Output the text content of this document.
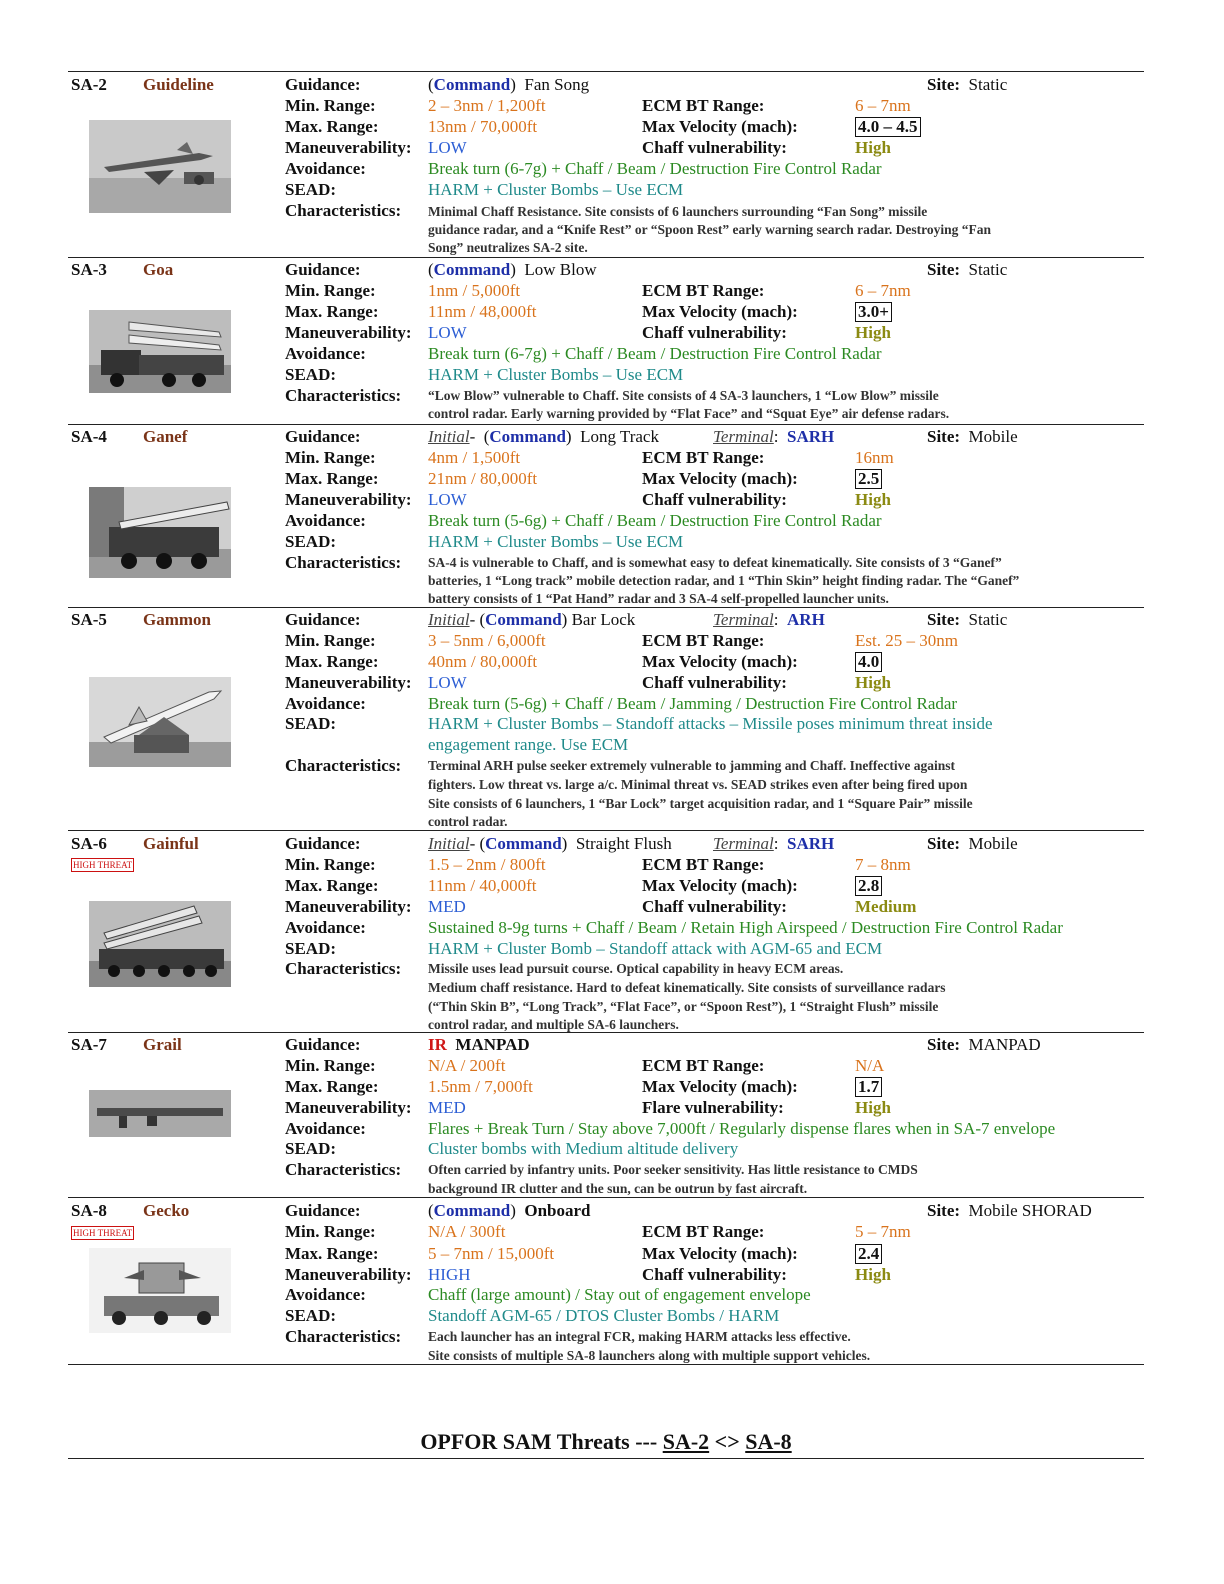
SA-2 Guideline	Guidance:	(Command)  Fan Song	Site: Static
Min. Range:	2 – 3nm / 1,200ft	ECM BT Range:	6 – 7nm
Max. Range:	13nm / 70,000ft	Max Velocity (mach):	4.0 – 4.5
Maneuverability: LOW	Chaff vulnerability:	High
Avoidance:	Break turn (6-7g) + Chaff / Beam / Destruction Fire Control Radar
SEAD:	HARM + Cluster Bombs – Use ECM
Characteristics: Minimal Chaff Resistance. Site consists of 6 launchers surrounding “Fan Song” missile
guidance radar, and a “Knife Rest” or “Spoon Rest” early warning search radar. Destroying “Fan
Song” neutralizes SA-2 site.
SA-3 Goa	Guidance:	(Command)  Low Blow	Site: Static
Min. Range:	1nm / 5,000ft	ECM BT Range:	6 – 7nm
Max. Range:	11nm / 48,000ft	Max Velocity (mach):	3.0+
Maneuverability: LOW	Chaff vulnerability:	High
Avoidance:	Break turn (6-7g) + Chaff / Beam / Destruction Fire Control Radar
SEAD:	HARM + Cluster Bombs – Use ECM
Characteristics: “Low Blow” vulnerable to Chaff. Site consists of 4 SA-3 launchers, 1 “Low Blow” missile
control radar. Early warning provided by “Flat Face” and “Squat Eye” air defense radars.
SA-4 Ganef	Guidance:	Initial-  (Command)  Long Track	Terminal:  SARH	Site: Mobile
Min. Range:	4nm / 1,500ft	ECM BT Range:	16nm
Max. Range:	21nm / 80,000ft	Max Velocity (mach):	2.5
Maneuverability: LOW	Chaff vulnerability:	High
Avoidance:	Break turn (5-6g) + Chaff / Beam / Destruction Fire Control Radar
SEAD:	HARM + Cluster Bombs – Use ECM
Characteristics: SA-4 is vulnerable to Chaff, and is somewhat easy to defeat kinematically. Site consists of 3 “Ganef”
batteries, 1 “Long track” mobile detection radar, and 1 “Thin Skin” height finding radar. The “Ganef”
battery consists of 1 “Pat Hand” radar and 3 SA-4 self-propelled launcher units.
SA-5 Gammon	Guidance:	Initial- (Command) Bar Lock	Terminal:  ARH	Site: Static
Min. Range:	3 – 5nm / 6,000ft	ECM BT Range:	Est. 25 – 30nm
Max. Range:	40nm / 80,000ft	Max Velocity (mach):	4.0
Maneuverability: LOW	Chaff vulnerability:	High
Avoidance:	Break turn (5-6g) + Chaff / Beam / Jamming / Destruction Fire Control Radar
SEAD:	HARM + Cluster Bombs – Standoff attacks – Missile poses minimum threat inside
engagement range. Use ECM
Characteristics: Terminal ARH pulse seeker extremely vulnerable to jamming and Chaff. Ineffective against
fighters. Low threat vs. large a/c. Minimal threat vs. SEAD strikes even after being fired upon
Site consists of 6 launchers, 1 “Bar Lock” target acquisition radar, and 1 “Square Pair” missile
control radar.
SA-6 Gainful
HIGH THREAT
Guidance:	Initial- (Command)  Straight Flush Terminal:  SARH	Site: Mobile
Min. Range:	1.5 – 2nm / 800ft	ECM BT Range:	7 – 8nm
Max. Range:	11nm / 40,000ft	Max Velocity (mach):	2.8
Maneuverability: MED	Chaff vulnerability:	Medium
Avoidance:	Sustained 8-9g turns + Chaff / Beam / Retain High Airspeed / Destruction Fire Control Radar
SEAD:	HARM + Cluster Bomb – Standoff attack with AGM-65 and ECM
Characteristics: Missile uses lead pursuit course. Optical capability in heavy ECM areas.
Medium chaff resistance. Hard to defeat kinematically. Site consists of surveillance radars
(“Thin Skin B”, “Long Track”, “Flat Face”, or “Spoon Rest”), 1 “Straight Flush” missile
control radar, and multiple SA-6 launchers.
SA-7 Grail	Guidance:	IR MANPAD	Site: MANPAD
Min. Range:	N/A / 200ft	ECM BT Range:	N/A
Max. Range:	1.5nm / 7,000ft	Max Velocity (mach):	1.7
Maneuverability: MED	Flare vulnerability:	High
Avoidance:	Flares + Break Turn / Stay above 7,000ft / Regularly dispense flares when in SA-7 envelope
SEAD:	Cluster bombs with Medium altitude delivery
Characteristics: Often carried by infantry units. Poor seeker sensitivity. Has little resistance to CMDS
background IR clutter and the sun, can be outrun by fast aircraft.
SA-8 Gecko
HIGH THREAT
Guidance:	(Command)  Onboard	Site: Mobile SHORAD
Min. Range:	N/A / 300ft	ECM BT Range:	5 – 7nm
Max. Range:	5 – 7nm / 15,000ft	Max Velocity (mach):	2.4
Maneuverability: HIGH	Chaff vulnerability:	High
Avoidance:	Chaff (large amount) / Stay out of engagement envelope
SEAD:	Standoff AGM-65 / DTOS Cluster Bombs / HARM
Characteristics: Each launcher has an integral FCR, making HARM attacks less effective.
Site consists of multiple SA-8 launchers along with multiple support vehicles.
OPFOR SAM Threats --- SA-2 <> SA-8
